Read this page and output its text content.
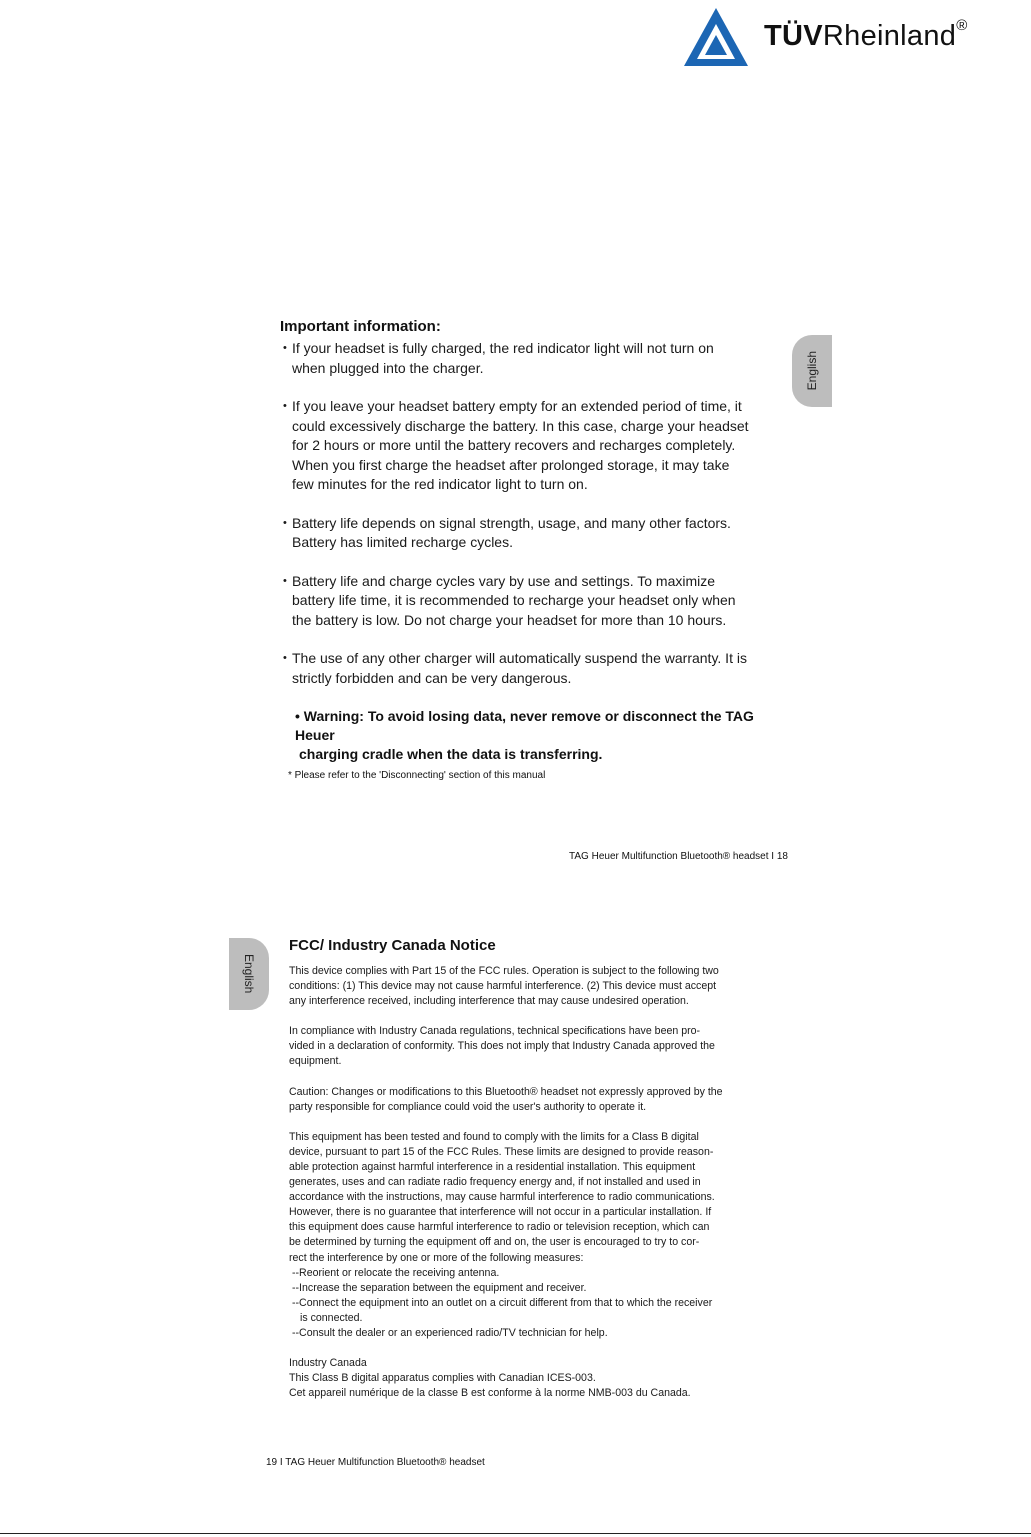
TÜVRheinland®
English
Important information:
• If your headset is fully charged, the red indicator light will not turn on
when plugged into the charger.
• If you leave your headset battery empty for an extended period of time, it
could excessively discharge the battery. In this case, charge your headset
for 2 hours or more until the battery recovers and recharges completely.
When you first charge the headset after prolonged storage, it may take
few minutes for the red indicator light to turn on.
• Battery life depends on signal strength, usage, and many other factors.
Battery has limited recharge cycles.
• Battery life and charge cycles vary by use and settings. To maximize
battery life time, it is recommended to recharge your headset only when
the battery is low. Do not charge your headset for more than 10 hours.
• The use of any other charger will automatically suspend the warranty. It is
strictly forbidden and can be very dangerous.
• Warning: To avoid losing data, never remove or disconnect the TAG Heuer
charging cradle when the data is transferring.
* Please refer to the 'Disconnecting' section of this manual
TAG Heuer Multifunction Bluetooth® headset I 18
English
FCC/ Industry Canada Notice
This device complies with Part 15 of the FCC rules. Operation is subject to the following two
conditions: (1) This device may not cause harmful interference. (2) This device must accept
any interference received, including interference that may cause undesired operation.
In compliance with Industry Canada regulations, technical specifications have been pro-
vided in a declaration of conformity. This does not imply that Industry Canada approved the
equipment.
Caution: Changes or modifications to this Bluetooth® headset not expressly approved by the
party responsible for compliance could void the user's authority to operate it.
This equipment has been tested and found to comply with the limits for a Class B digital
device, pursuant to part 15 of the FCC Rules. These limits are designed to provide reason-
able protection against harmful interference in a residential installation. This equipment
generates, uses and can radiate radio frequency energy and, if not installed and used in
accordance with the instructions, may cause harmful interference to radio communications.
However, there is no guarantee that interference will not occur in a particular installation. If
this equipment does cause harmful interference to radio or television reception, which can
be determined by turning the equipment off and on, the user is encouraged to try to cor-
rect the interference by one or more of the following measures:
--Reorient or relocate the receiving antenna.
--Increase the separation between the equipment and receiver.
--Connect the equipment into an outlet on a circuit different from that to which the receiver
is connected.
--Consult the dealer or an experienced radio/TV technician for help.
Industry Canada
This Class B digital apparatus complies with Canadian ICES-003.
Cet appareil numérique de la classe B est conforme à la norme NMB-003 du Canada.
19 I TAG Heuer Multifunction Bluetooth® headset
